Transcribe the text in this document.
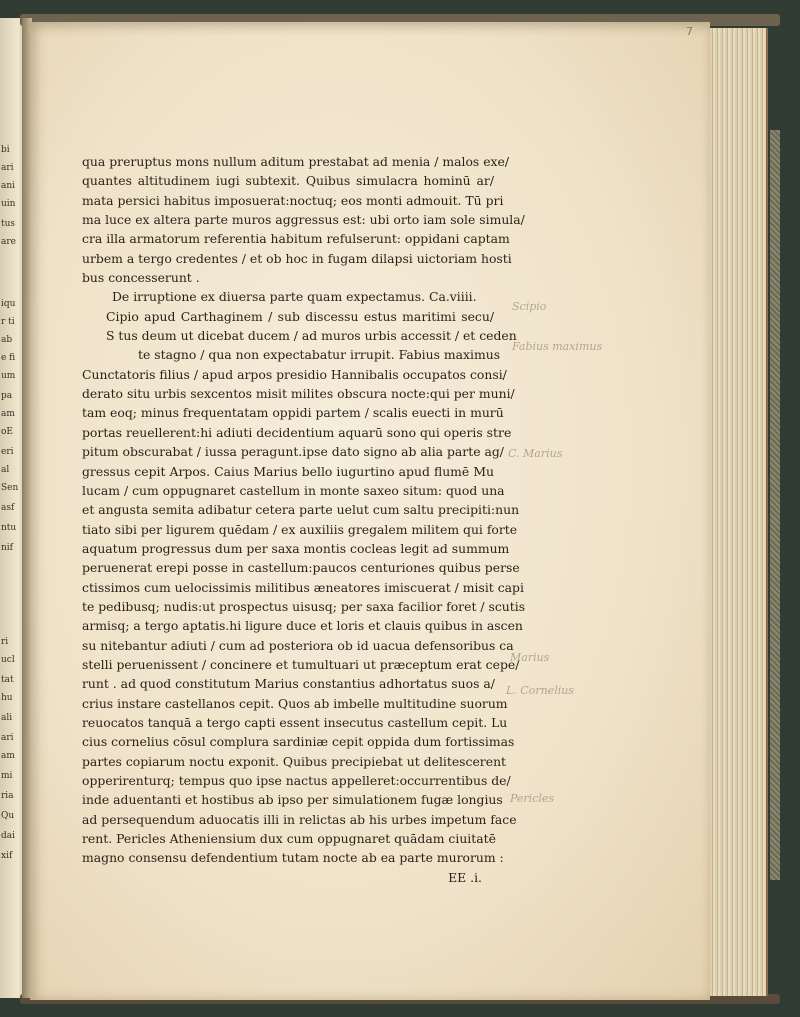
bi
ari
ani
uin
tus
are
iqu
r ti
ab
e fi
um
pa
am
oE
eri
al
Sen
asf
ntu
nif
ri
ucl
tat
hu
ali
ari
am
mi
ria
Qu
dai
xif
7
qua preruptus mons nullum aditum prestabat ad menia / malos exe/
quantes altitudinem iugi subtexit. Quibus simulacra hominū ar/
mata persici habitus imposuerat:noctuq; eos monti admouit. Tū pri
ma luce ex altera parte muros aggressus est: ubi orto iam sole simula/
cra illa armatorum referentia habitum refulserunt: oppidani captam
urbem a tergo credentes / et ob hoc in fugam dilapsi uictoriam hosti
bus concesserunt .
De irruptione ex diuersa parte quam expectamus. Ca.viiii.
Cipio apud Carthaginem / sub discessu estus maritimi secu/
S tus deum ut dicebat ducem / ad muros urbis accessit / et ceden
te stagno / qua non expectabatur irrupit. Fabius maximus
Cunctatoris filius / apud arpos presidio Hannibalis occupatos consi/
derato situ urbis sexcentos misit milites obscura nocte:qui per muni/
tam eoq; minus frequentatam oppidi partem / scalis euecti in murū
portas reuellerent:hi adiuti decidentium aquarū sono qui operis stre
pitum obscurabat / iussa peragunt.ipse dato signo ab alia parte ag/
gressus cepit Arpos. Caius Marius bello iugurtino apud flumē Mu
lucam / cum oppugnaret castellum in monte saxeo situm: quod una
et angusta semita adibatur cetera parte uelut cum saltu precipiti:nun
tiato sibi per ligurem quēdam / ex auxiliis gregalem militem qui forte
aquatum progressus dum per saxa montis cocleas legit ad summum
peruenerat erepi posse in castellum:paucos centuriones quibus perse
ctissimos cum uelocissimis militibus æneatores imiscuerat / misit capi
te pedibusq; nudis:ut prospectus uisusq; per saxa facilior foret / scutis
armisq; a tergo aptatis.hi ligure duce et loris et clauis quibus in ascen
su nitebantur adiuti / cum ad posteriora ob id uacua defensoribus ca
stelli peruenissent / concinere et tumultuari ut præceptum erat cepe/
runt . ad quod constitutum Marius constantius adhortatus suos a/
crius instare castellanos cepit. Quos ab imbelle multitudine suorum
reuocatos tanquā a tergo capti essent insecutus castellum cepit. Lu
cius cornelius cōsul complura sardiniæ cepit oppida dum fortissimas
partes copiarum noctu exponit. Quibus precipiebat ut delitescerent
opperirenturq; tempus quo ipse nactus appelleret:occurrentibus de/
inde aduentanti et hostibus ab ipso per simulationem fugæ longius
ad persequendum aduocatis illi in relictas ab his urbes impetum face
rent. Pericles Atheniensium dux cum oppugnaret quādam ciuitatē
magno consensu defendentium tutam nocte ab ea parte murorum :
EE .i.
Scipio
Fabius maximus
C. Marius
Marius
L. Cornelius
Pericles
